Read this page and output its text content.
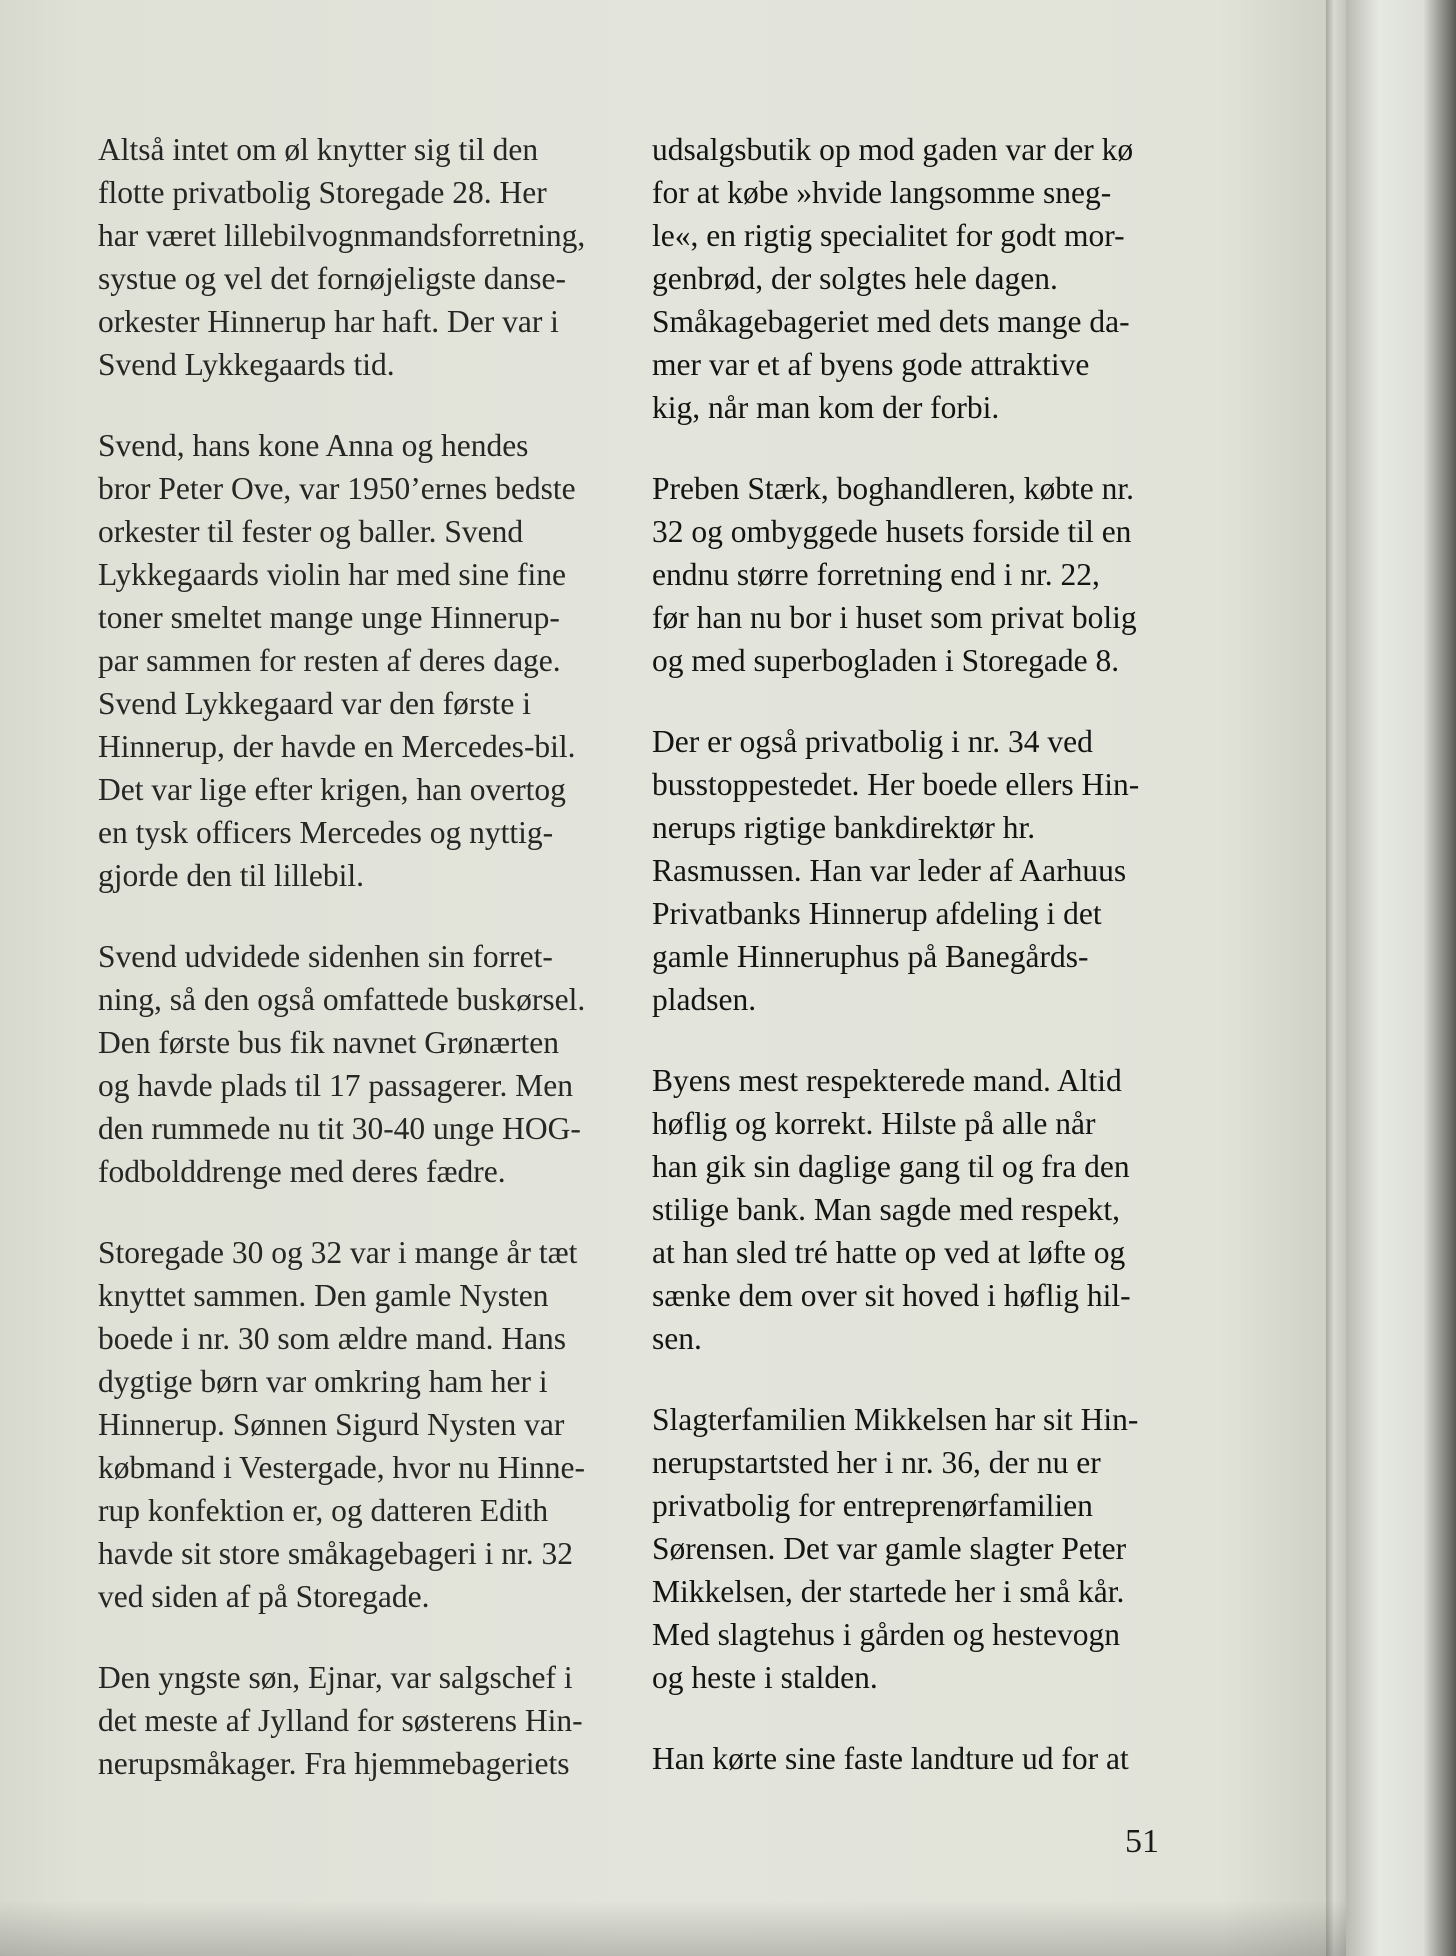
Altså intet om øl knytter sig til den
flotte privatbolig Storegade 28. Her
har været lillebilvognmandsforretning,
systue og vel det fornøjeligste danse-
orkester Hinnerup har haft. Der var i
Svend Lykkegaards tid.

Svend, hans kone Anna og hendes
bror Peter Ove, var 1950’ernes bedste
orkester til fester og baller. Svend
Lykkegaards violin har med sine fine
toner smeltet mange unge Hinnerup-
par sammen for resten af deres dage.
Svend Lykkegaard var den første i
Hinnerup, der havde en Mercedes-bil.
Det var lige efter krigen, han overtog
en tysk officers Mercedes og nyttig-
gjorde den til lillebil.

Svend udvidede sidenhen sin forret-
ning, så den også omfattede buskørsel.
Den første bus fik navnet Grønærten
og havde plads til 17 passagerer. Men
den rummede nu tit 30-40 unge HOG-
fodbolddrenge med deres fædre.

Storegade 30 og 32 var i mange år tæt
knyttet sammen. Den gamle Nysten
boede i nr. 30 som ældre mand. Hans
dygtige børn var omkring ham her i
Hinnerup. Sønnen Sigurd Nysten var
købmand i Vestergade, hvor nu Hinne-
rup konfektion er, og datteren Edith
havde sit store småkagebageri i nr. 32
ved siden af på Storegade.

Den yngste søn, Ejnar, var salgschef i
det meste af Jylland for søsterens Hin-
nerupsmåkager. Fra hjemmebageriets

udsalgsbutik op mod gaden var der kø
for at købe »hvide langsomme sneg-
le«, en rigtig specialitet for godt mor-
genbrød, der solgtes hele dagen.
Småkagebageriet med dets mange da-
mer var et af byens gode attraktive
kig, når man kom der forbi.

Preben Stærk, boghandleren, købte nr.
32 og ombyggede husets forside til en
endnu større forretning end i nr. 22,
før han nu bor i huset som privat bolig
og med superbogladen i Storegade 8.

Der er også privatbolig i nr. 34 ved
busstoppestedet. Her boede ellers Hin-
nerups rigtige bankdirektør hr.
Rasmussen. Han var leder af Aarhuus
Privatbanks Hinnerup afdeling i det
gamle Hinneruphus på Banegårds-
pladsen.

Byens mest respekterede mand. Altid
høflig og korrekt. Hilste på alle når
han gik sin daglige gang til og fra den
stilige bank. Man sagde med respekt,
at han sled tré hatte op ved at løfte og
sænke dem over sit hoved i høflig hil-
sen.

Slagterfamilien Mikkelsen har sit Hin-
nerupstartsted her i nr. 36, der nu er
privatbolig for entreprenørfamilien
Sørensen. Det var gamle slagter Peter
Mikkelsen, der startede her i små kår.
Med slagtehus i gården og hestevogn
og heste i stalden.

Han kørte sine faste landture ud for at

51
